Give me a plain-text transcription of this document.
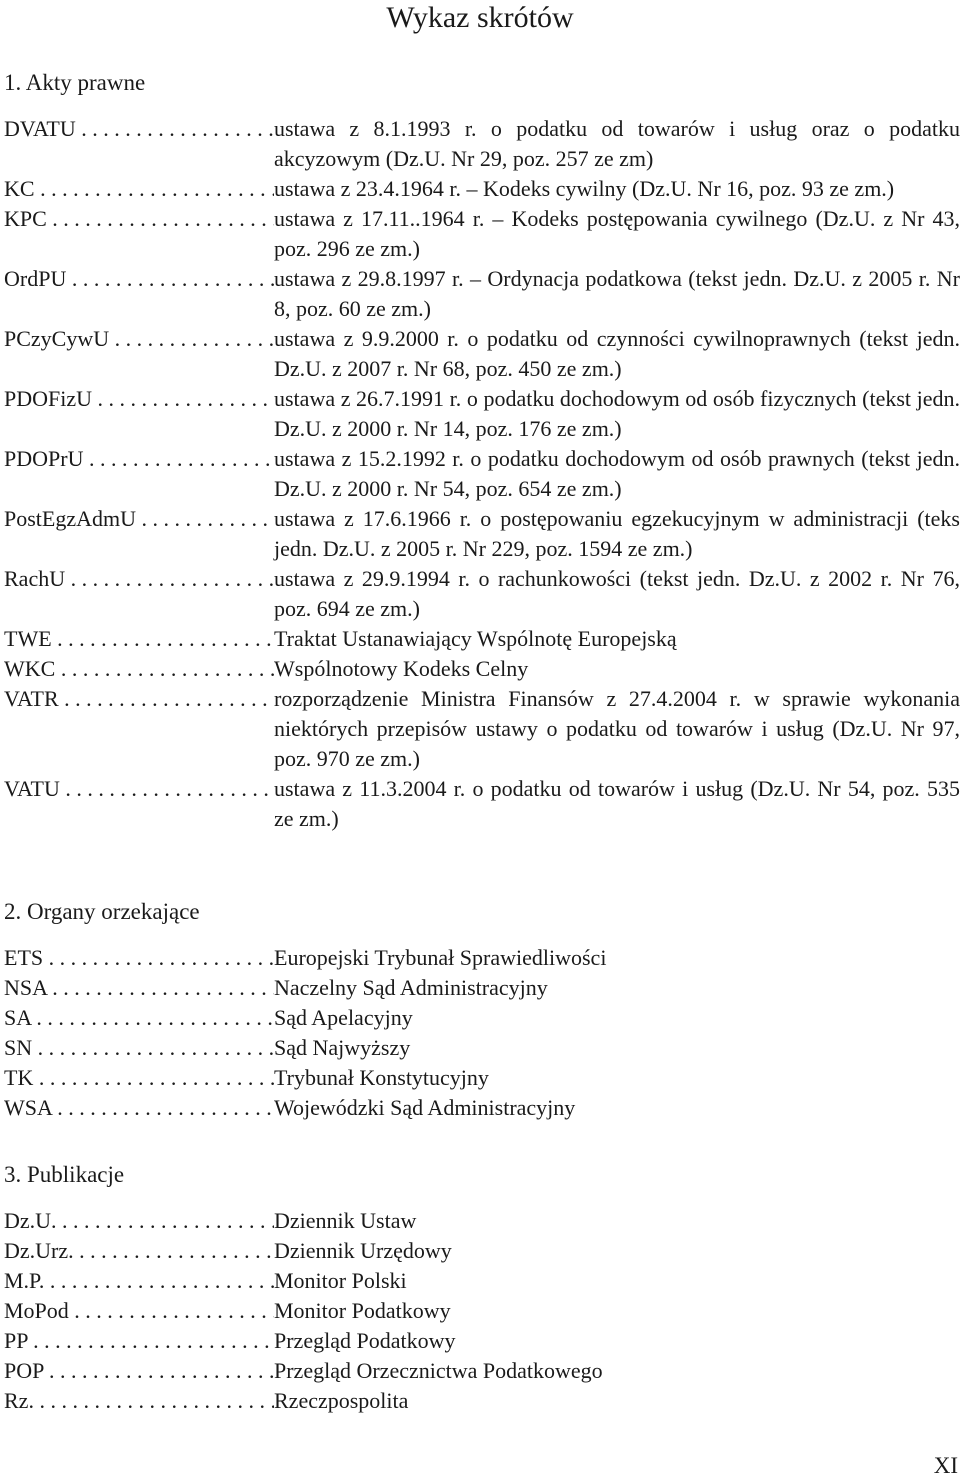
Wykaz skrótów
1. Akty prawne
DVATU . . .	ustawa z 8.1.1993 r. o podatku od towarów i usług oraz o podatku akcyzowym (Dz.U. Nr 29, poz. 257 ze zm)
KC . . .	ustawa z 23.4.1964 r. – Kodeks cywilny (Dz.U. Nr 16, poz. 93 ze zm.)
KPC . . .	ustawa z 17.11..1964 r. – Kodeks postępowania cywilnego (Dz.U. z Nr 43, poz. 296 ze zm.)
OrdPU . . .	ustawa z 29.8.1997 r. – Ordynacja podatkowa (tekst jedn. Dz.U. z 2005 r. Nr 8, poz. 60 ze zm.)
PCzyCywU . . .	ustawa z 9.9.2000 r. o podatku od czynności cywilnoprawnych (tekst jedn. Dz.U. z 2007 r. Nr 68, poz. 450 ze zm.)
PDOFizU . . .	ustawa z 26.7.1991 r. o podatku dochodowym od osób fizycznych (tekst jedn. Dz.U. z 2000 r. Nr 14, poz. 176 ze zm.)
PDOPrU . . .	ustawa z 15.2.1992 r. o podatku dochodowym od osób prawnych (tekst jedn. Dz.U. z 2000 r. Nr 54, poz. 654 ze zm.)
PostEgzAdmU . . .	ustawa z 17.6.1966 r. o postępowaniu egzekucyjnym w administracji (teks jedn. Dz.U. z 2005 r. Nr 229, poz. 1594 ze zm.)
RachU . . .	ustawa z 29.9.1994 r. o rachunkowości (tekst jedn. Dz.U. z 2002 r. Nr 76, poz. 694 ze zm.)
TWE . . .	Traktat Ustanawiający Wspólnotę Europejską
WKC . . .	Wspólnotowy Kodeks Celny
VATR . . .	rozporządzenie Ministra Finansów z 27.4.2004 r. w sprawie wykonania niektórych przepisów ustawy o podatku od towarów i usług (Dz.U. Nr 97, poz. 970 ze zm.)
VATU . . .	ustawa z 11.3.2004 r. o podatku od towarów i usług (Dz.U. Nr 54, poz. 535 ze zm.)
2. Organy orzekające
ETS . . .	Europejski Trybunał Sprawiedliwości
NSA . . .	Naczelny Sąd Administracyjny
SA . . .	Sąd Apelacyjny
SN . . .	Sąd Najwyższy
TK . . .	Trybunał Konstytucyjny
WSA . . .	Wojewódzki Sąd Administracyjny
3. Publikacje
Dz.U. . . .	Dziennik Ustaw
Dz.Urz. . . .	Dziennik Urzędowy
M.P. . . .	Monitor Polski
MoPod . . .	Monitor Podatkowy
PP . . .	Przegląd Podatkowy
POP . . .	Przegląd Orzecznictwa Podatkowego
Rz. . . .	Rzeczpospolita
XI
